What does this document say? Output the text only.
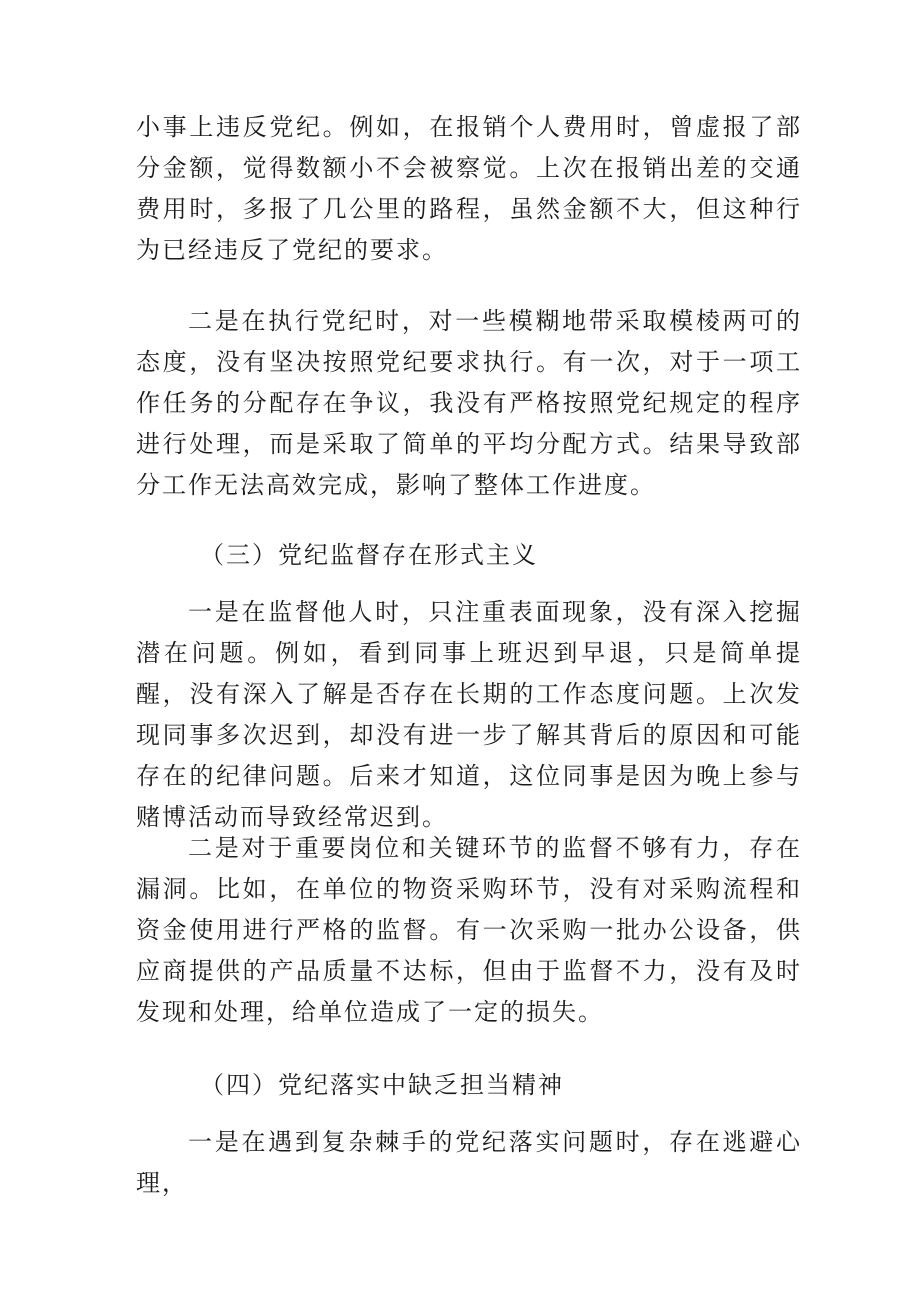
小事上违反党纪。例如，在报销个人费用时，曾虚报了部分金额，觉得数额小不会被察觉。上次在报销出差的交通费用时，多报了几公里的路程，虽然金额不大，但这种行为已经违反了党纪的要求。

二是在执行党纪时，对一些模糊地带采取模棱两可的态度，没有坚决按照党纪要求执行。有一次，对于一项工作任务的分配存在争议，我没有严格按照党纪规定的程序进行处理，而是采取了简单的平均分配方式。结果导致部分工作无法高效完成，影响了整体工作进度。

（三）党纪监督存在形式主义

一是在监督他人时，只注重表面现象，没有深入挖掘潜在问题。例如，看到同事上班迟到早退，只是简单提醒，没有深入了解是否存在长期的工作态度问题。上次发现同事多次迟到，却没有进一步了解其背后的原因和可能存在的纪律问题。后来才知道，这位同事是因为晚上参与赌博活动而导致经常迟到。

二是对于重要岗位和关键环节的监督不够有力，存在漏洞。比如，在单位的物资采购环节，没有对采购流程和资金使用进行严格的监督。有一次采购一批办公设备，供应商提供的产品质量不达标，但由于监督不力，没有及时发现和处理，给单位造成了一定的损失。

（四）党纪落实中缺乏担当精神

一是在遇到复杂棘手的党纪落实问题时，存在逃避心理，
